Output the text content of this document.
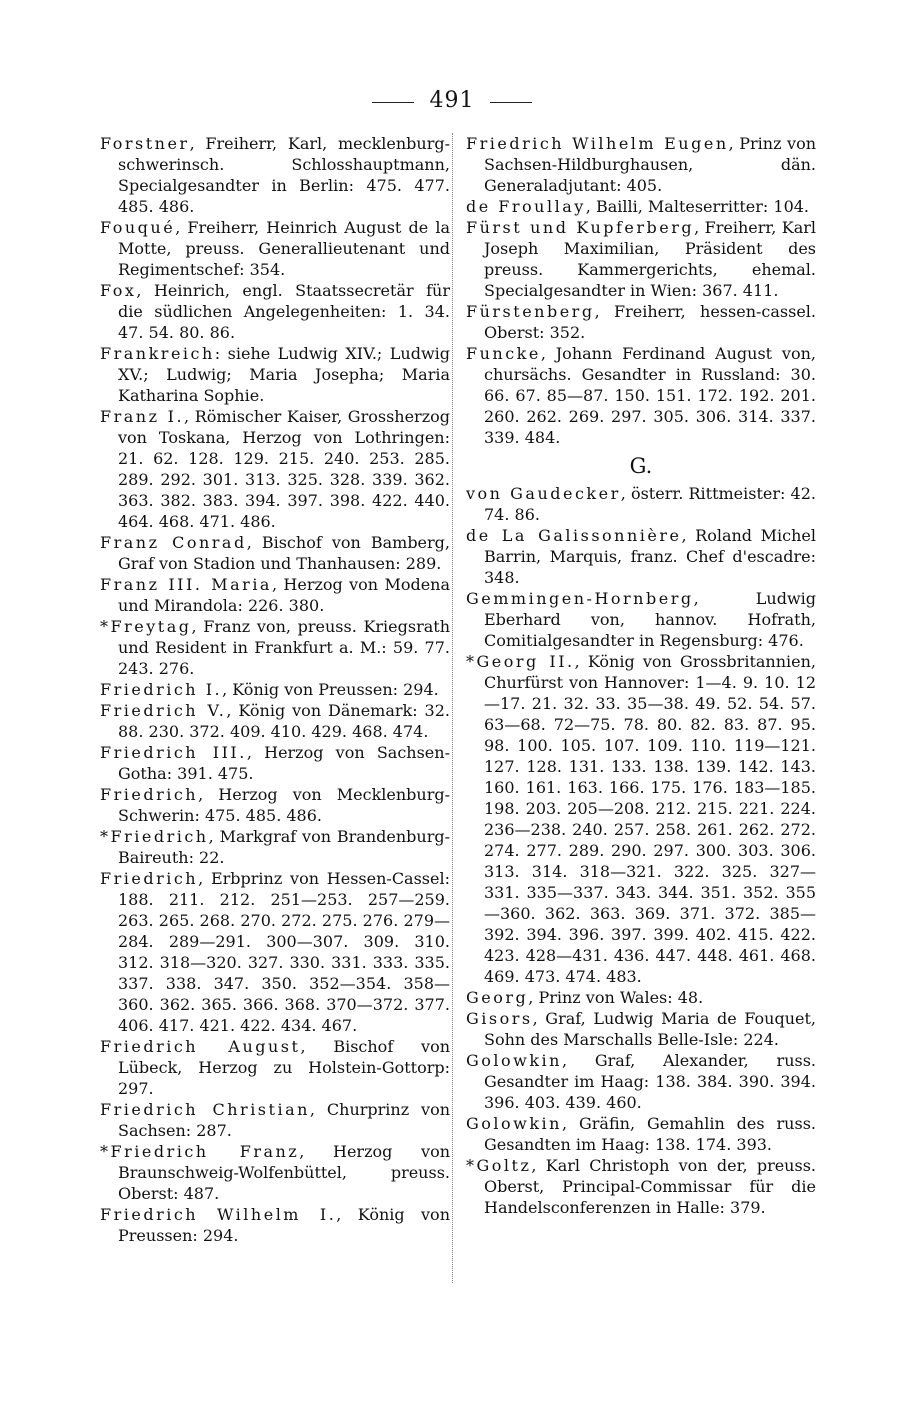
491
Forstner, Freiherr, Karl, mecklenburg-schwerinsch. Schlosshauptmann, Specialgesandter in Berlin: 475. 477. 485. 486.
Fouqué, Freiherr, Heinrich August de la Motte, preuss. Generallieutenant und Regimentschef: 354.
Fox, Heinrich, engl. Staatssecretär für die südlichen Angelegenheiten: 1. 34. 47. 54. 80. 86.
Frankreich: siehe Ludwig XIV.; Ludwig XV.; Ludwig; Maria Josepha; Maria Katharina Sophie.
Franz I., Römischer Kaiser, Grossherzog von Toskana, Herzog von Lothringen: 21. 62. 128. 129. 215. 240. 253. 285. 289. 292. 301. 313. 325. 328. 339. 362. 363. 382. 383. 394. 397. 398. 422. 440. 464. 468. 471. 486.
Franz Conrad, Bischof von Bamberg, Graf von Stadion und Thanhausen: 289.
Franz III. Maria, Herzog von Modena und Mirandola: 226. 380.
*Freytag, Franz von, preuss. Kriegsrath und Resident in Frankfurt a. M.: 59. 77. 243. 276.
Friedrich I., König von Preussen: 294.
Friedrich V., König von Dänemark: 32. 88. 230. 372. 409. 410. 429. 468. 474.
Friedrich III., Herzog von Sachsen-Gotha: 391. 475.
Friedrich, Herzog von Mecklenburg-Schwerin: 475. 485. 486.
*Friedrich, Markgraf von Brandenburg-Baireuth: 22.
Friedrich, Erbprinz von Hessen-Cassel: 188. 211. 212. 251—253. 257—259. 263. 265. 268. 270. 272. 275. 276. 279—284. 289—291. 300—307. 309. 310. 312. 318—320. 327. 330. 331. 333. 335. 337. 338. 347. 350. 352—354. 358—360. 362. 365. 366. 368. 370—372. 377. 406. 417. 421. 422. 434. 467.
Friedrich August, Bischof von Lübeck, Herzog zu Holstein-Gottorp: 297.
Friedrich Christian, Churprinz von Sachsen: 287.
*Friedrich Franz, Herzog von Braunschweig-Wolfenbüttel, preuss. Oberst: 487.
Friedrich Wilhelm I., König von Preussen: 294.
Friedrich Wilhelm Eugen, Prinz von Sachsen-Hildburghausen, dän. Generaladjutant: 405.
de Froullay, Bailli, Malteserritter: 104.
Fürst und Kupferberg, Freiherr, Karl Joseph Maximilian, Präsident des preuss. Kammergerichts, ehemal. Specialgesandter in Wien: 367. 411.
Fürstenberg, Freiherr, hessen-cassel. Oberst: 352.
Funcke, Johann Ferdinand August von, chursächs. Gesandter in Russland: 30. 66. 67. 85—87. 150. 151. 172. 192. 201. 260. 262. 269. 297. 305. 306. 314. 337. 339. 484.
G.
von Gaudecker, österr. Rittmeister: 42. 74. 86.
de La Galissonnière, Roland Michel Barrin, Marquis, franz. Chef d'escadre: 348.
Gemmingen-Hornberg, Ludwig Eberhard von, hannov. Hofrath, Comitialgesandter in Regensburg: 476.
*Georg II., König von Grossbritannien, Churfürst von Hannover: 1—4. 9. 10. 12—17. 21. 32. 33. 35—38. 49. 52. 54. 57. 63—68. 72—75. 78. 80. 82. 83. 87. 95. 98. 100. 105. 107. 109. 110. 119—121. 127. 128. 131. 133. 138. 139. 142. 143. 160. 161. 163. 166. 175. 176. 183—185. 198. 203. 205—208. 212. 215. 221. 224. 236—238. 240. 257. 258. 261. 262. 272. 274. 277. 289. 290. 297. 300. 303. 306. 313. 314. 318—321. 322. 325. 327—331. 335—337. 343. 344. 351. 352. 355—360. 362. 363. 369. 371. 372. 385—392. 394. 396. 397. 399. 402. 415. 422. 423. 428—431. 436. 447. 448. 461. 468. 469. 473. 474. 483.
Georg, Prinz von Wales: 48.
Gisors, Graf, Ludwig Maria de Fouquet, Sohn des Marschalls Belle-Isle: 224.
Golowkin, Graf, Alexander, russ. Gesandter im Haag: 138. 384. 390. 394. 396. 403. 439. 460.
Golowkin, Gräfin, Gemahlin des russ. Gesandten im Haag: 138. 174. 393.
*Goltz, Karl Christoph von der, preuss. Oberst, Principal-Commissar für die Handelsconferenzen in Halle: 379.
